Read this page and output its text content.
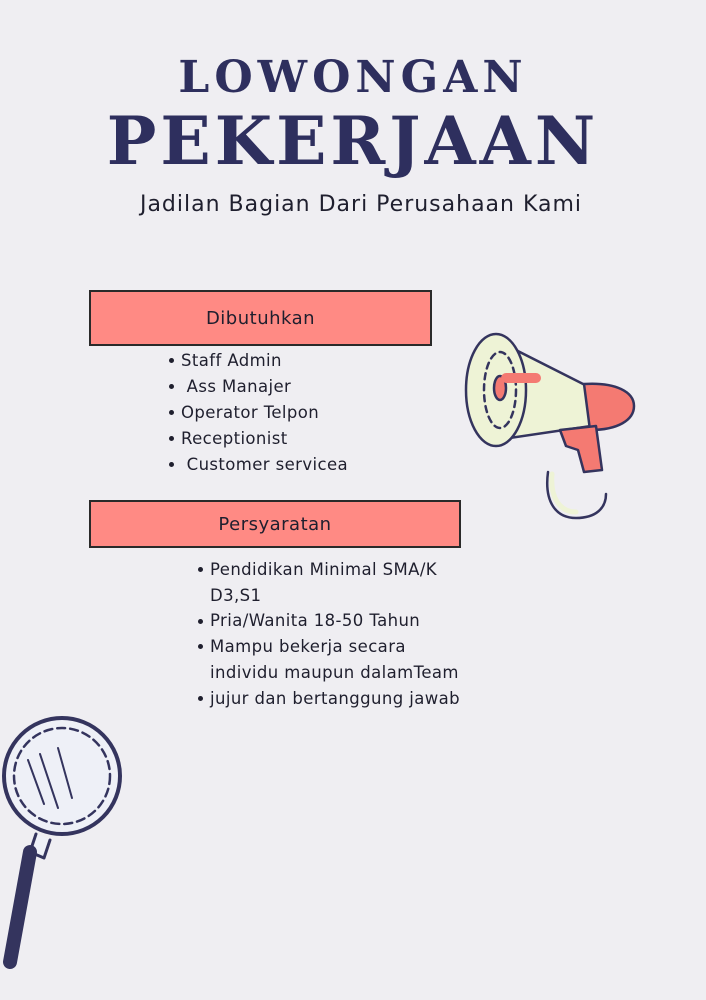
LOWONGAN
PEKERJAAN
Jadilan Bagian Dari Perusahaan Kami
Dibutuhkan
Staff Admin
Ass Manajer
Operator Telpon
Receptionist
Customer servicea
Persyaratan
Pendidikan Minimal SMA/K D3,S1
Pria/Wanita 18-50 Tahun
Mampu bekerja secara individu maupun dalamTeam
jujur dan bertanggung jawab
